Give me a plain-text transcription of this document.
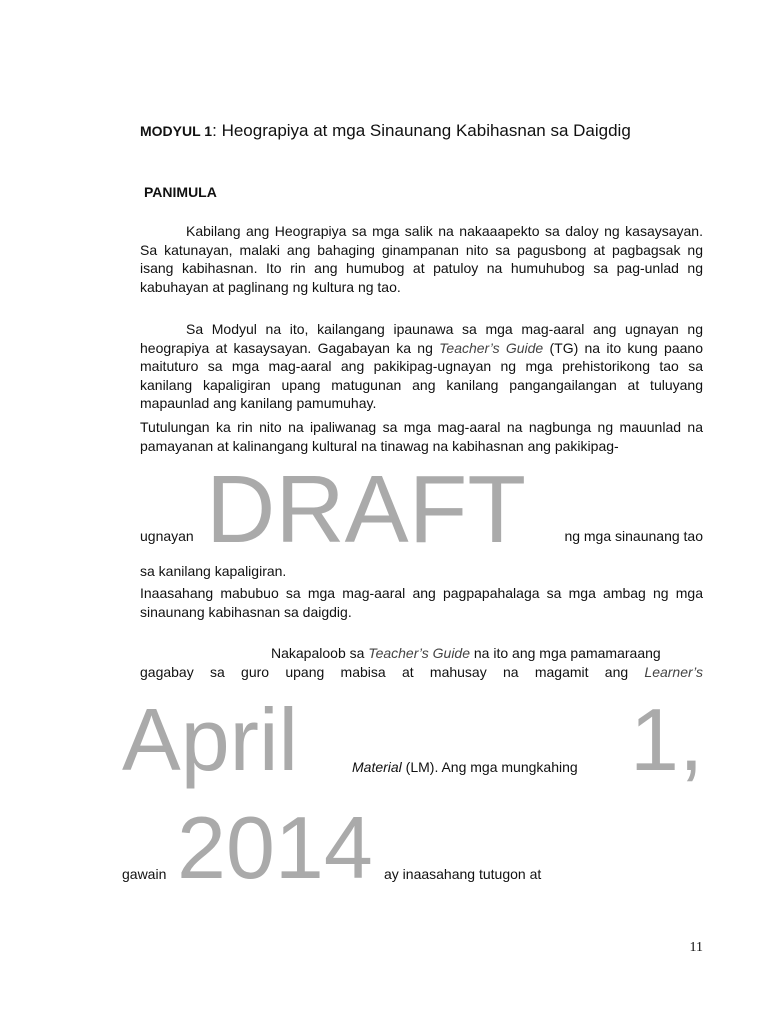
MODYUL 1: Heograpiya at mga Sinaunang Kabihasnan sa Daigdig
PANIMULA
Kabilang ang Heograpiya sa mga salik na nakaaapekto sa daloy ng kasaysayan. Sa katunayan, malaki ang bahaging ginampanan nito sa pagusbong at pagbagsak ng isang kabihasnan. Ito rin ang humubog at patuloy na humuhubog sa pag-unlad ng kabuhayan at paglinang ng kultura ng tao.
Sa Modyul na ito, kailangang ipaunawa sa mga mag-aaral ang ugnayan ng heograpiya at kasaysayan. Gagabayan ka ng Teacher’s Guide (TG) na ito kung paano maituturo sa mga mag-aaral ang pakikipag-ugnayan ng mga prehistorikong tao sa kanilang kapaligiran upang matugunan ang kanilang pangangailangan at tuluyang mapaunlad ang kanilang pamumuhay.
Tutulungan ka rin nito na ipaliwanag sa mga mag-aaral na nagbunga ng mauunlad na pamayanan at kalinangang kultural na tinawag na kabihasnan ang pakikipag-
DRAFT
ugnayan	ng mga sinaunang tao
sa kanilang kapaligiran.
Inaasahang mabubuo sa mga mag-aaral ang pagpapahalaga sa mga ambag ng mga sinaunang kabihasnan sa daigdig.
Nakapaloob sa Teacher’s Guide na ito ang mga pamamaraang
gagabay sa guro upang mabisa at mahusay na magamit ang Learner’s
April	1,
Material (LM). Ang mga mungkahing
2014
gawain	ay inaasahang tutugon at
11
